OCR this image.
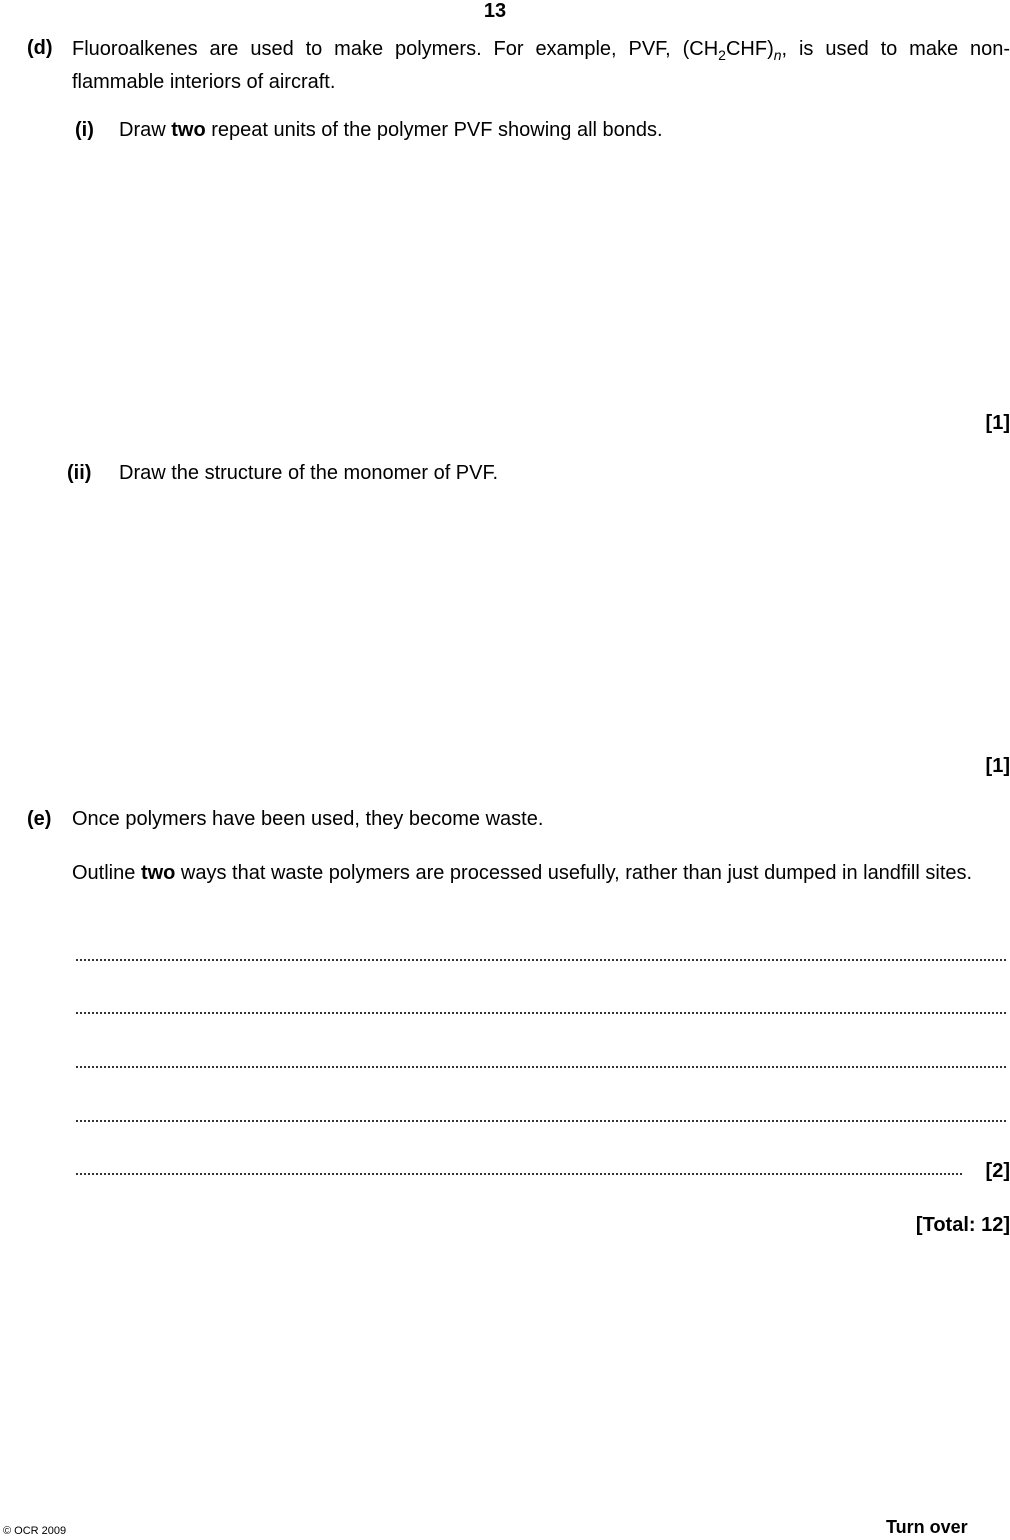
13
(d) Fluoroalkenes are used to make polymers. For example, PVF, $(CH_2CHF)_n$, is used to make non-flammable interiors of aircraft.
(i) Draw two repeat units of the polymer PVF showing all bonds.
[1]
(ii) Draw the structure of the monomer of PVF.
[1]
(e) Once polymers have been used, they become waste.
Outline two ways that waste polymers are processed usefully, rather than just dumped in landfill sites.
[2]
[Total: 12]
© OCR 2009	Turn over
